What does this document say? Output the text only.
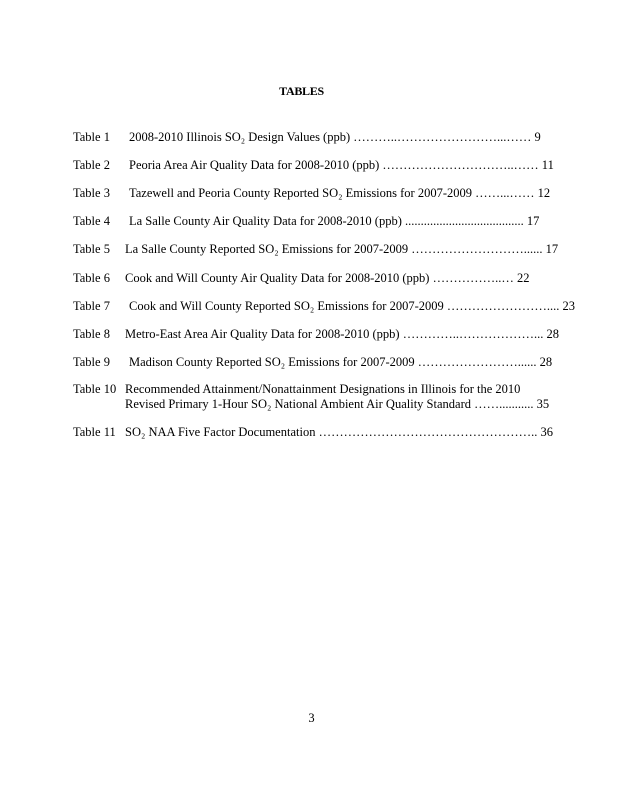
TABLES
Table 1 2008-2010 Illinois SO₂ Design Values (ppb) ………..……………………...…… 9
Table 2 Peoria Area Air Quality Data for 2008-2010 (ppb) …………………………..…… 11
Table 3 Tazewell and Peoria County Reported SO₂ Emissions for 2007-2009 ……...…… 12
Table 4 La Salle County Air Quality Data for 2008-2010 (ppb) ...................................... 17
Table 5 La Salle County Reported SO₂ Emissions for 2007-2009 ………………………...... 17
Table 6 Cook and Will County Air Quality Data for 2008-2010 (ppb) ……………..… 22
Table 7 Cook and Will County Reported SO₂ Emissions for 2007-2009 …………………….... 23
Table 8 Metro-East Area Air Quality Data for 2008-2010 (ppb) …………..………………... 28
Table 9 Madison County Reported SO₂ Emissions for 2007-2009 ……………………...... 28
Table 10 Recommended Attainment/Nonattainment Designations in Illinois for the 2010
Revised Primary 1-Hour SO₂ National Ambient Air Quality Standard ……........... 35
Table 11 SO₂ NAA Five Factor Documentation …………………………………………….. 36
3
